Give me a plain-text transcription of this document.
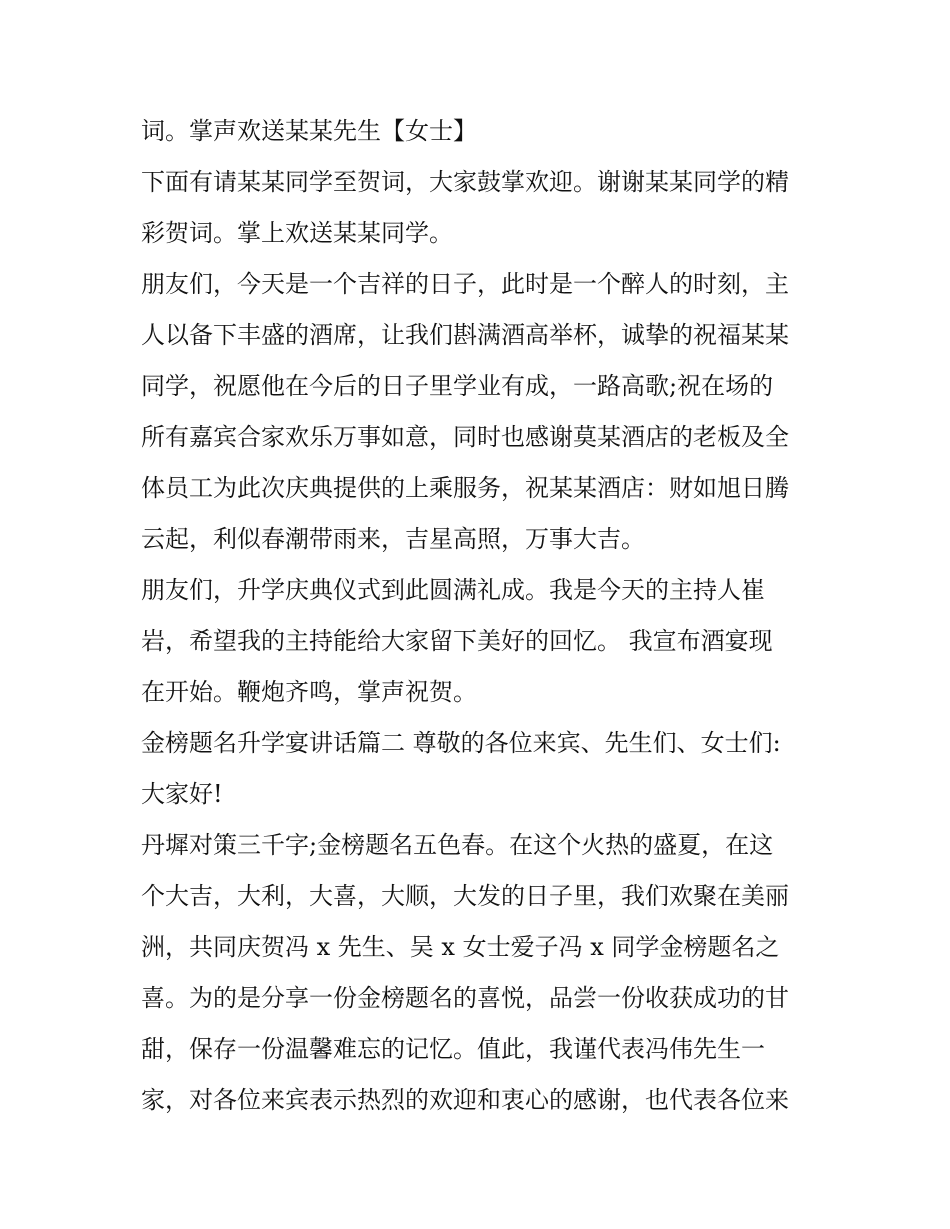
词。掌声欢送某某先生【女士】
下面有请某某同学至贺词，大家鼓掌欢迎。谢谢某某同学的精
彩贺词。掌上欢送某某同学。
朋友们，今天是一个吉祥的日子，此时是一个醉人的时刻，主
人以备下丰盛的酒席，让我们斟满酒高举杯，诚挚的祝福某某
同学，祝愿他在今后的日子里学业有成，一路高歌;祝在场的
所有嘉宾合家欢乐万事如意，同时也感谢莫某酒店的老板及全
体员工为此次庆典提供的上乘服务，祝某某酒店：财如旭日腾
云起，利似春潮带雨来，吉星高照，万事大吉。
朋友们，升学庆典仪式到此圆满礼成。我是今天的主持人崔
岩，希望我的主持能给大家留下美好的回忆。 我宣布酒宴现
在开始。鞭炮齐鸣，掌声祝贺。
金榜题名升学宴讲话篇二 尊敬的各位来宾、先生们、女士们:
大家好!
丹墀对策三千字;金榜题名五色春。在这个火热的盛夏，在这
个大吉，大利，大喜，大顺，大发的日子里，我们欢聚在美丽
洲，共同庆贺冯 x 先生、吴 x 女士爱子冯 x 同学金榜题名之
喜。为的是分享一份金榜题名的喜悦，品尝一份收获成功的甘
甜，保存一份温馨难忘的记忆。值此，我谨代表冯伟先生一
家，对各位来宾表示热烈的欢迎和衷心的感谢，也代表各位来
